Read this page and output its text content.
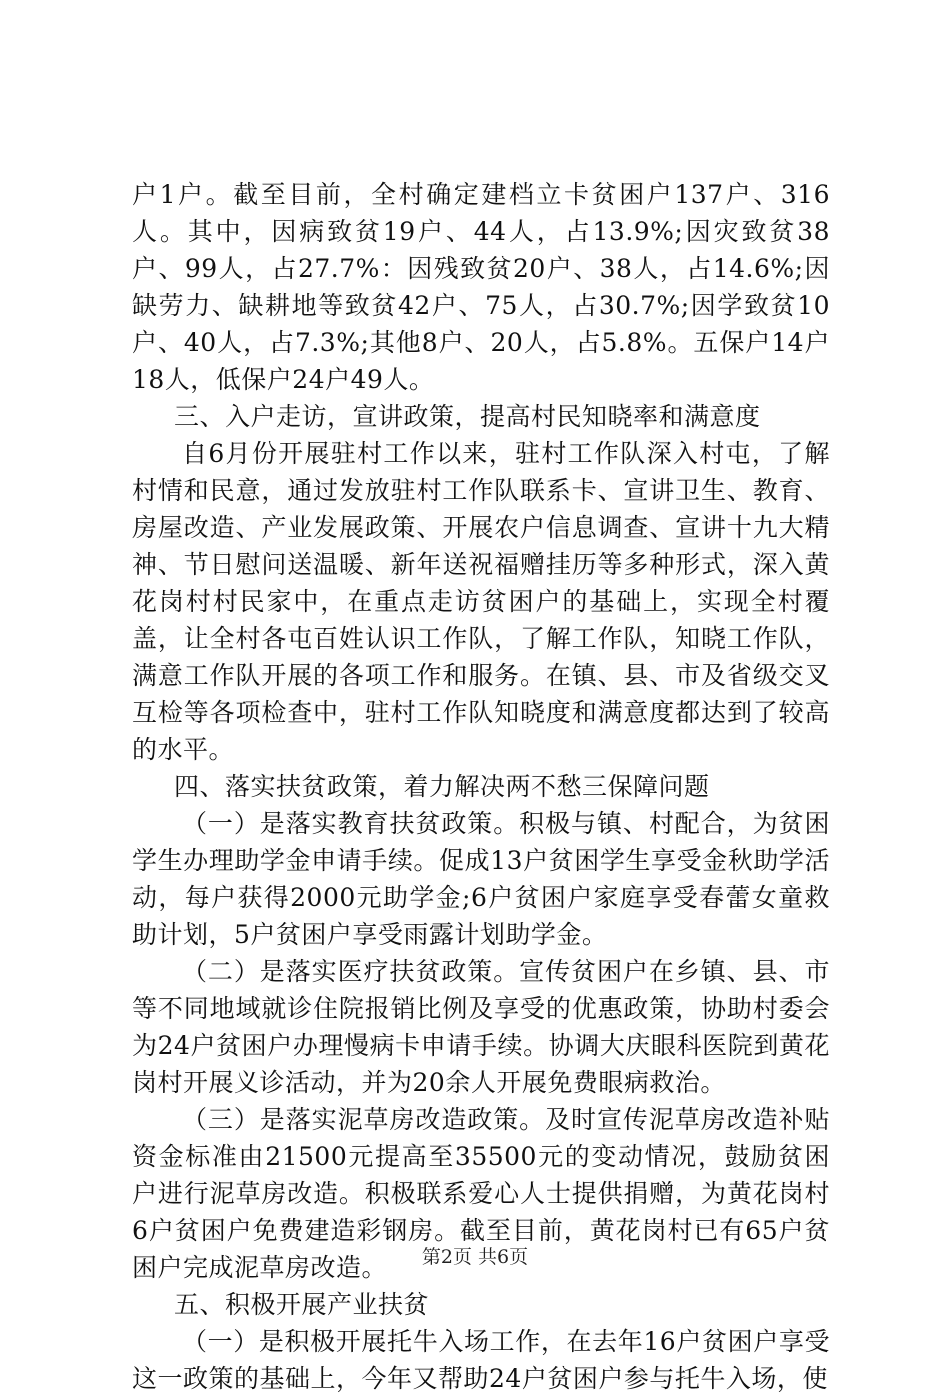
户1户。截至目前，全村确定建档立卡贫困户137户、316人。其中，因病致贫19户、44人，占13.9%;因灾致贫38户、99人，占27.7%：因残致贫20户、38人，占14.6%;因缺劳力、缺耕地等致贫42户、75人，占30.7%;因学致贫10户、40人，占7.3%;其他8户、20人，占5.8%。五保户14户18人，低保户24户49人。

三、入户走访，宣讲政策，提高村民知晓率和满意度

自6月份开展驻村工作以来，驻村工作队深入村屯，了解村情和民意，通过发放驻村工作队联系卡、宣讲卫生、教育、房屋改造、产业发展政策、开展农户信息调查、宣讲十九大精神、节日慰问送温暖、新年送祝福赠挂历等多种形式，深入黄花岗村村民家中，在重点走访贫困户的基础上，实现全村覆盖，让全村各屯百姓认识工作队，了解工作队，知晓工作队，满意工作队开展的各项工作和服务。在镇、县、市及省级交叉互检等各项检查中，驻村工作队知晓度和满意度都达到了较高的水平。

四、落实扶贫政策，着力解决两不愁三保障问题

（一）是落实教育扶贫政策。积极与镇、村配合，为贫困学生办理助学金申请手续。促成13户贫困学生享受金秋助学活动，每户获得2000元助学金;6户贫困户家庭享受春蕾女童救助计划，5户贫困户享受雨露计划助学金。

（二）是落实医疗扶贫政策。宣传贫困户在乡镇、县、市等不同地域就诊住院报销比例及享受的优惠政策，协助村委会为24户贫困户办理慢病卡申请手续。协调大庆眼科医院到黄花岗村开展义诊活动，并为20余人开展免费眼病救治。

（三）是落实泥草房改造政策。及时宣传泥草房改造补贴资金标准由21500元提高至35500元的变动情况，鼓励贫困户进行泥草房改造。积极联系爱心人士提供捐赠，为黄花岗村6户贫困户免费建造彩钢房。截至目前，黄花岗村已有65户贫困户完成泥草房改造。

五、积极开展产业扶贫

（一）是积极开展托牛入场工作，在去年16户贫困户享受这一政策的基础上，今年又帮助24户贫困户参与托牛入场，使

第2页 共6页
